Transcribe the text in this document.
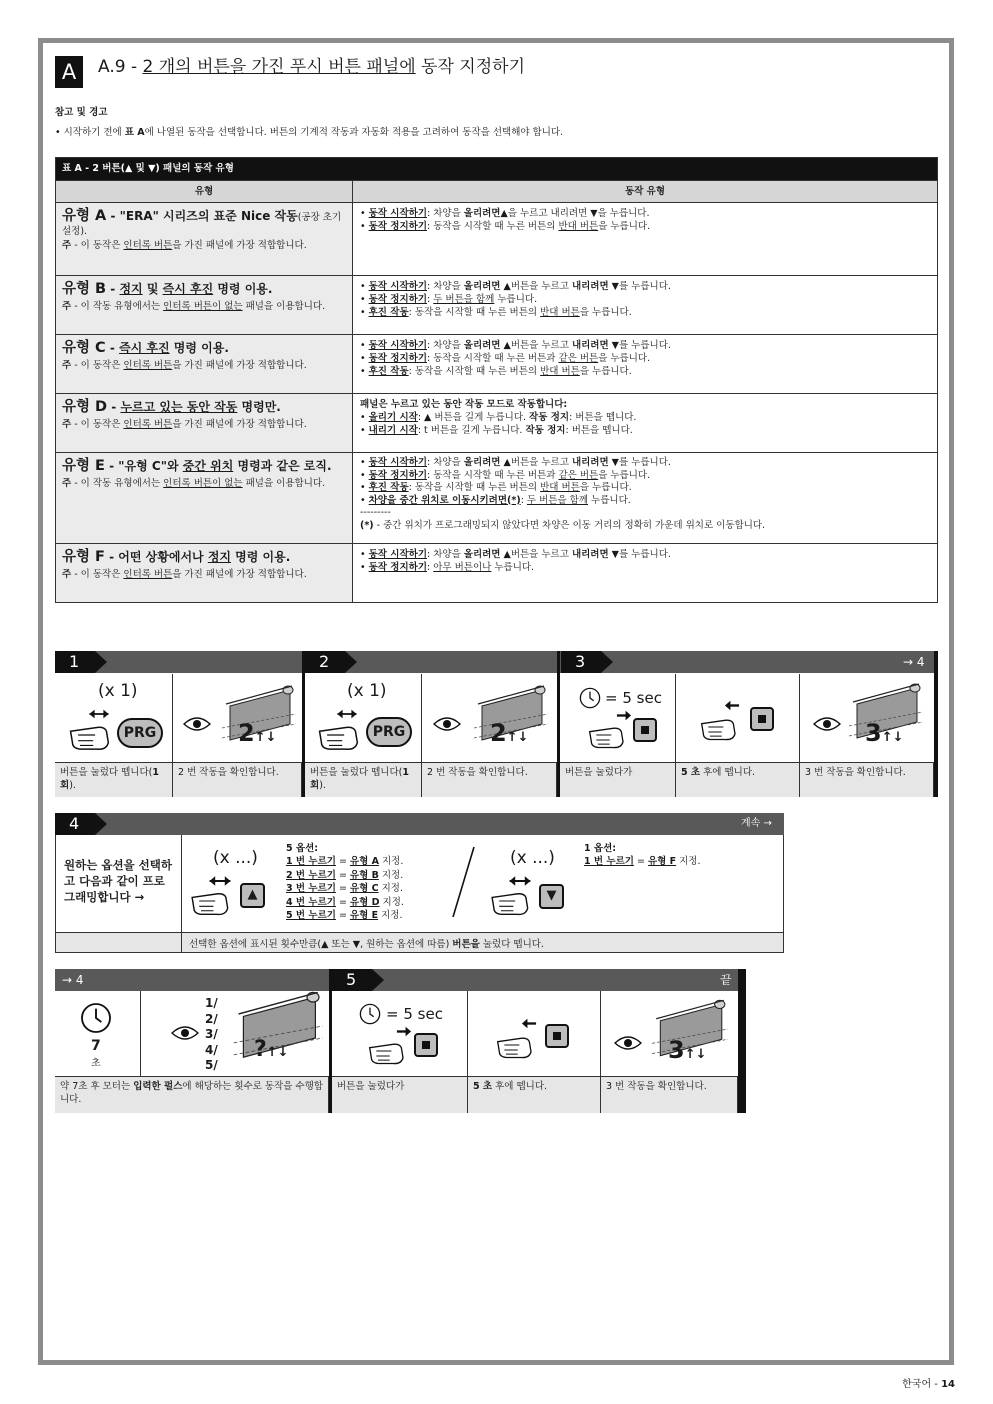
A	A.9 - 2 개의 버튼을 가진 푸시 버튼 패널에 동작 지정하기
참고 및 경고
• 시작하기 전에 표 A에 나열된 동작을 선택합니다. 버튼의 기계적 작동과 자동화 적용을 고려하여 동작을 선택해야 합니다.
표 A - 2 버튼(▲ 및 ▼) 패널의 동작 유형
유형	동작 유형
유형 A - "ERA" 시리즈의 표준 Nice 작동(공장 초기 설정).
주 - 이 동작은 인터록 버튼을 가진 패널에 가장 적합합니다.
• 동작 시작하기: 차양을 올리려면▲을 누르고 내리려면 ▼을 누릅니다.
• 동작 정지하기: 동작을 시작할 때 누른 버튼의 반대 버튼을 누릅니다.
유형 B - 정지 및 즉시 후진 명령 이용.
주 - 이 작동 유형에서는 인터록 버튼이 없는 패널을 이용합니다.
• 동작 시작하기: 차양을 올리려면 ▲버튼을 누르고 내리려면 ▼를 누릅니다.
• 동작 정지하기: 두 버튼을 함께 누릅니다.
• 후진 작동: 동작을 시작할 때 누른 버튼의 반대 버튼을 누릅니다.
유형 C - 즉시 후진 명령 이용.
주 - 이 동작은 인터록 버튼을 가진 패널에 가장 적합합니다.
• 동작 시작하기: 차양을 올리려면 ▲버튼을 누르고 내리려면 ▼를 누릅니다.
• 동작 정지하기: 동작을 시작할 때 누른 버튼과 같은 버튼을 누릅니다.
• 후진 작동: 동작을 시작할 때 누른 버튼의 반대 버튼을 누릅니다.
유형 D - 누르고 있는 동안 작동 명령만.
주 - 이 동작은 인터록 버튼을 가진 패널에 가장 적합합니다.
패널은 누르고 있는 동안 작동 모드로 작동합니다:
• 올리기 시작: ▲ 버튼을 길게 누릅니다. 작동 정지: 버튼을 뗍니다.
• 내리기 시작: t 버튼을 길게 누릅니다. 작동 정지: 버튼을 뗍니다.
유형 E - "유형 C"와 중간 위치 명령과 같은 로직.
주 - 이 작동 유형에서는 인터록 버튼이 없는 패널을 이용합니다.
• 동작 시작하기: 차양을 올리려면 ▲버튼을 누르고 내리려면 ▼를 누릅니다.
• 동작 정지하기: 동작을 시작할 때 누른 버튼과 같은 버튼을 누릅니다.
• 후진 작동: 동작을 시작할 때 누른 버튼의 반대 버튼을 누릅니다.
• 차양을 중간 위치로 이동시키려면(*): 두 버튼을 함께 누릅니다.
---------
(*) - 중간 위치가 프로그래밍되지 않았다면 차양은 이동 거리의 정확히 가운데 위치로 이동합니다.
유형 F - 어떤 상황에서나 정지 명령 이용.
주 - 이 동작은 인터록 버튼을 가진 패널에 가장 적합합니다.
• 동작 시작하기: 차양을 올리려면 ▲버튼을 누르고 내리려면 ▼를 누릅니다.
• 동작 정지하기: 아무 버튼이나 누릅니다.
1	2	3	→ 4
(x 1)
PRG	2↑↓
버튼을 눌렀다 뗍니다(1 회).
2 번 작동을 확인합니다.
(x 1)
PRG	2↑↓
버튼을 눌렀다 뗍니다(1 회).
2 번 작동을 확인합니다.
= 5 sec
3↑↓
버튼을 눌렀다가	5 초 후에 뗍니다.	3 번 작동을 확인합니다.
4	계속 →
원하는 옵션을 선택하고 다음과 같이 프로그래밍합니다 →
(x ...)
▲
5 옵션:
1 번 누르기 = 유형 A 지정.
2 번 누르기 = 유형 B 지정.
3 번 누르기 = 유형 C 지정.
4 번 누르기 = 유형 D 지정.
5 번 누르기 = 유형 E 지정.
(x ...)
▼
1 옵션:
1 번 누르기 = 유형 F 지정.
선택한 옵션에 표시된 횟수만큼(▲ 또는 ▼, 원하는 옵션에 따름) 버튼을 눌렀다 뗍니다.
→ 4	5	끝
7
초
1/
2/
3/
4/
5/
?↑↓
약 7초 후 모터는 입력한 펄스에 해당하는 횟수로 동작을 수행합니다.
= 5 sec
3↑↓
버튼을 눌렀다가	5 초 후에 뗍니다.	3 번 작동을 확인합니다.
한국어 - 14
